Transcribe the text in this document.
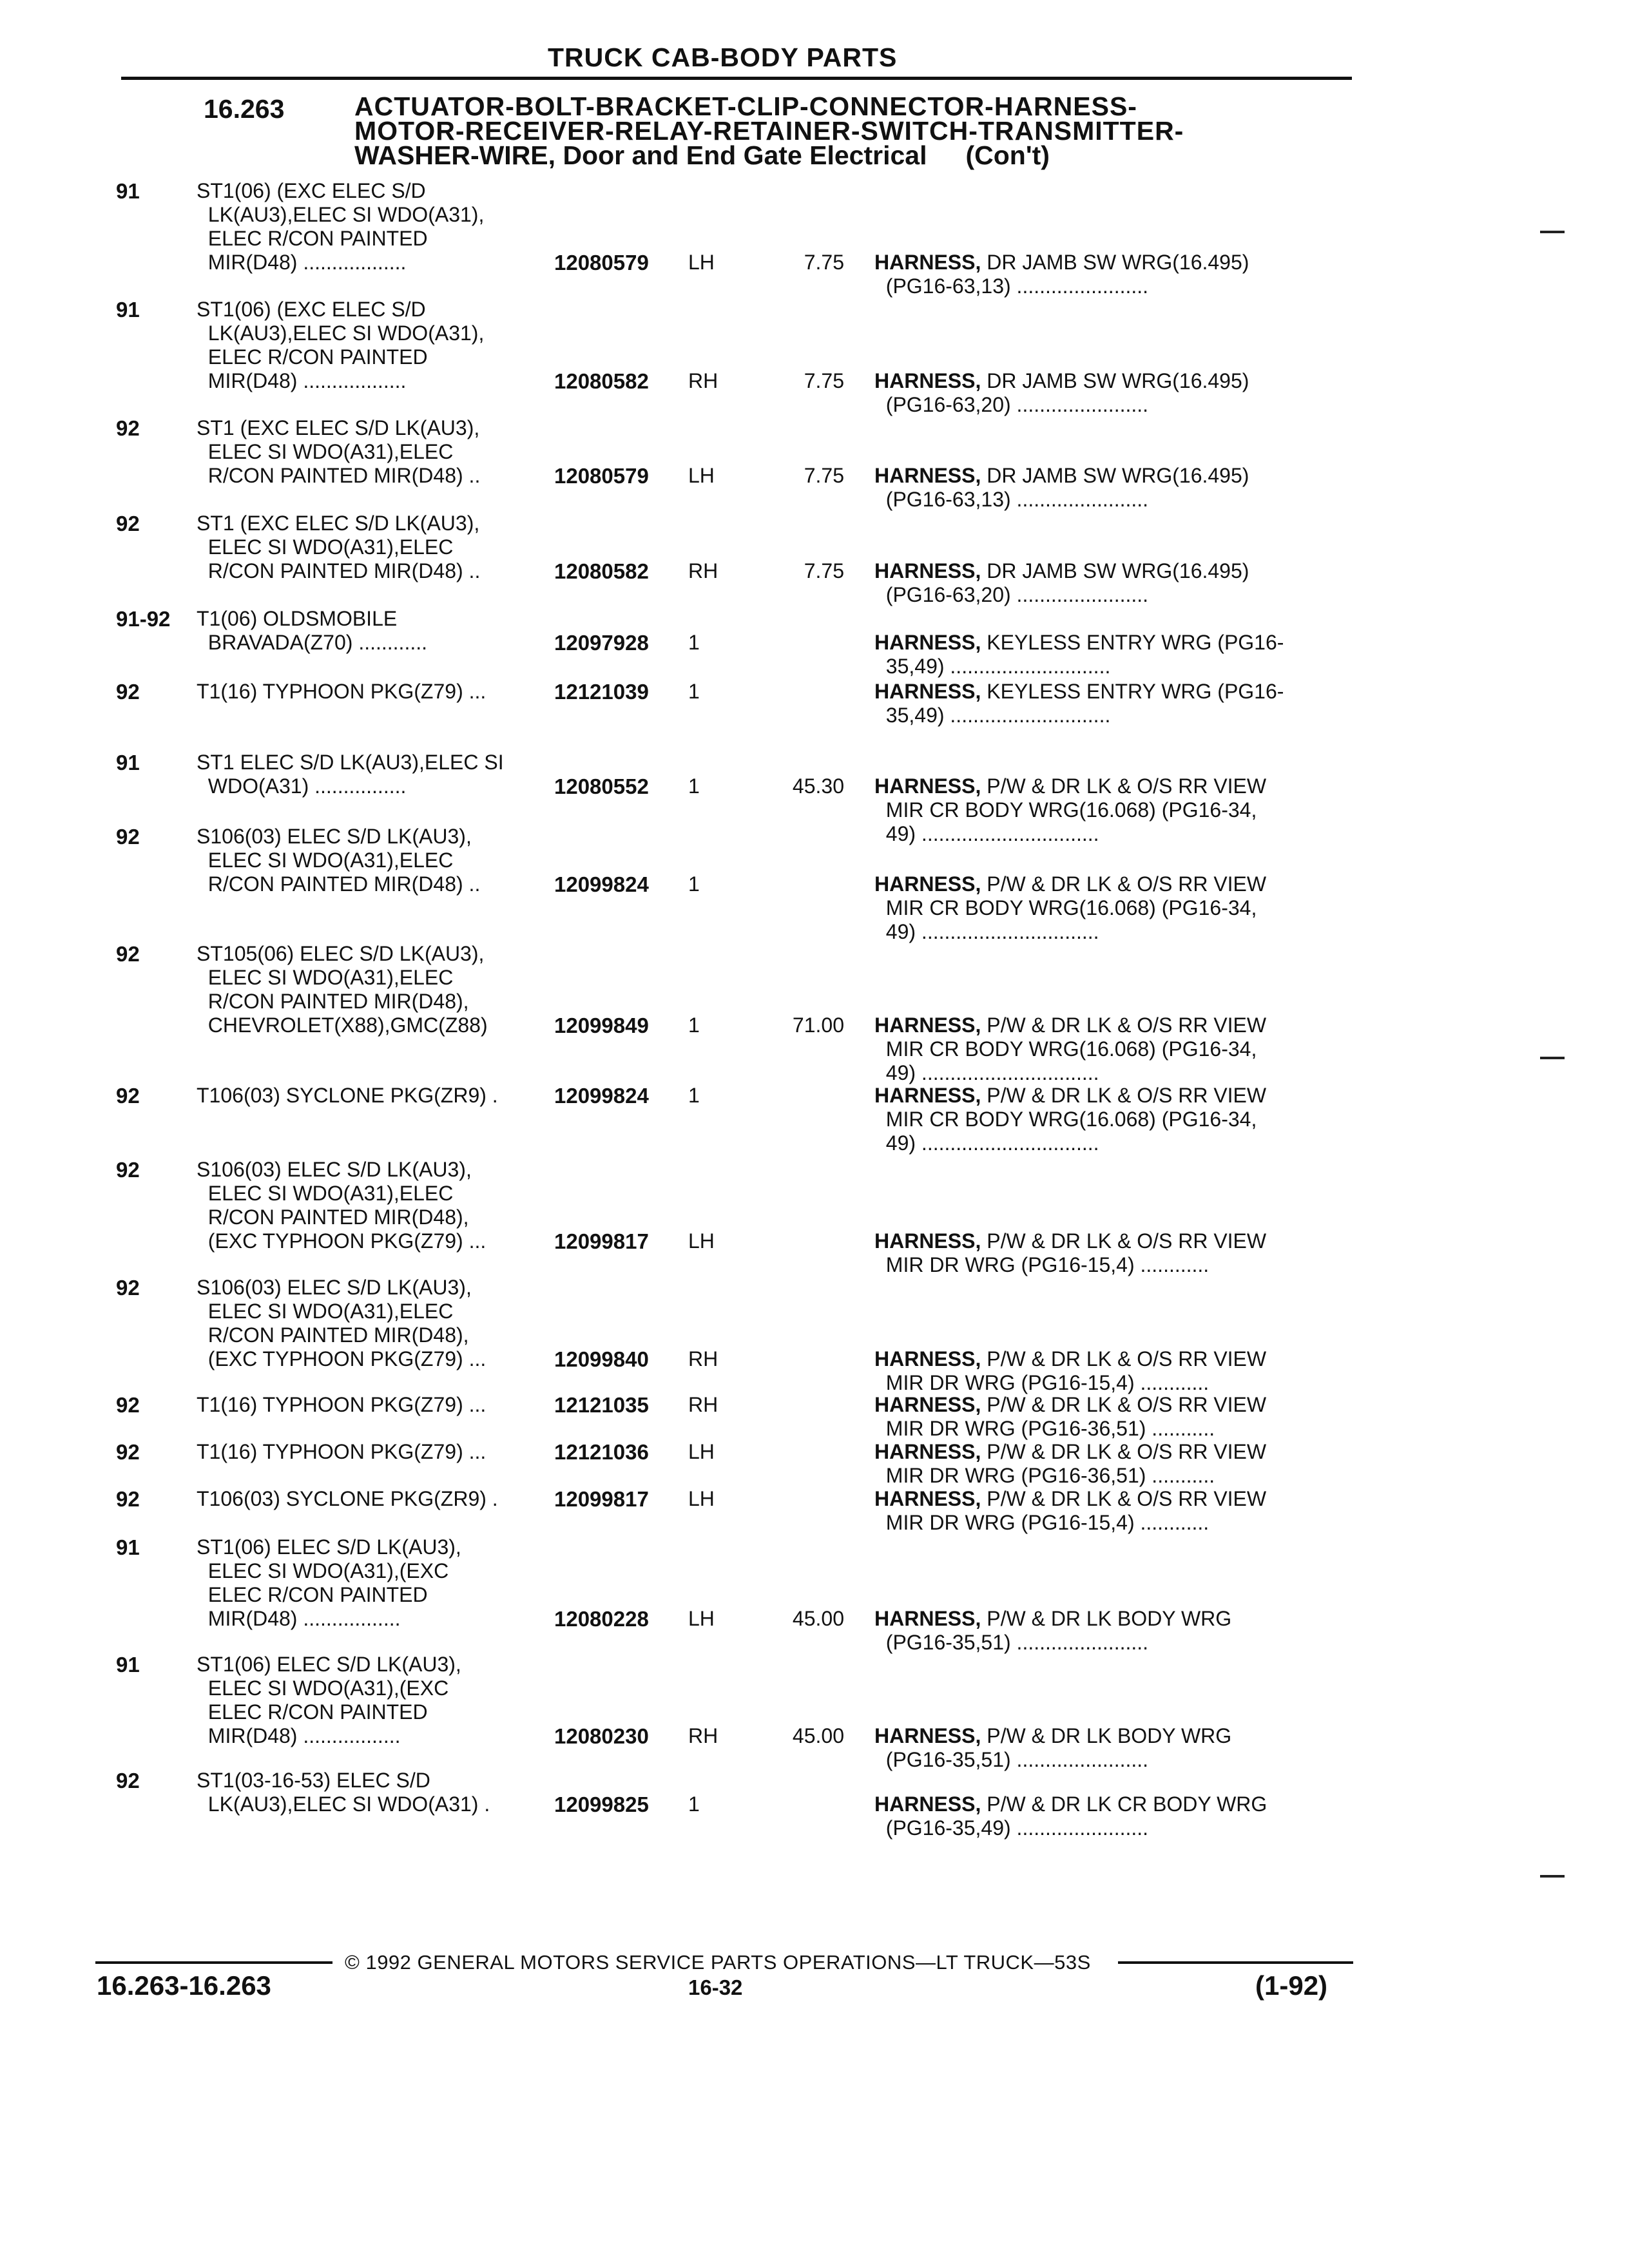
TRUCK CAB-BODY PARTS
16.263	ACTUATOR-BOLT-BRACKET-CLIP-CONNECTOR-HARNESS-
MOTOR-RECEIVER-RELAY-RETAINER-SWITCH-TRANSMITTER-
WASHER-WIRE, Door and End Gate Electrical (Con't)
91	ST1(06) (EXC ELEC S/D
LK(AU3),ELEC SI WDO(A31),
ELEC R/CON PAINTED
MIR(D48) ..................	12080579	LH	7.75 HARNESS, DR JAMB SW WRG(16.495)
(PG16-63,13) .......................
91	ST1(06) (EXC ELEC S/D
LK(AU3),ELEC SI WDO(A31),
ELEC R/CON PAINTED
MIR(D48) ..................	12080582	RH	7.75 HARNESS, DR JAMB SW WRG(16.495)
(PG16-63,20) .......................
92	ST1 (EXC ELEC S/D LK(AU3),
ELEC SI WDO(A31),ELEC
R/CON PAINTED MIR(D48) ..	12080579	LH	7.75 HARNESS, DR JAMB SW WRG(16.495)
(PG16-63,13) .......................
92	ST1 (EXC ELEC S/D LK(AU3),
ELEC SI WDO(A31),ELEC
R/CON PAINTED MIR(D48) ..	12080582	RH	7.75 HARNESS, DR JAMB SW WRG(16.495)
(PG16-63,20) .......................
91-92 T1(06) OLDSMOBILE
BRAVADA(Z70) ............	12097928	1	HARNESS, KEYLESS ENTRY WRG (PG16-
35,49) ............................
92	T1(16) TYPHOON PKG(Z79) ...	12121039	1	HARNESS, KEYLESS ENTRY WRG (PG16-
35,49) ............................
91	ST1 ELEC S/D LK(AU3),ELEC SI
WDO(A31) ................	12080552	1	45.30 HARNESS, P/W & DR LK & O/S RR VIEW
MIR CR BODY WRG(16.068) (PG16-34,
49) ...............................
92	S106(03) ELEC S/D LK(AU3),
ELEC SI WDO(A31),ELEC
R/CON PAINTED MIR(D48) ..	12099824	1	HARNESS, P/W & DR LK & O/S RR VIEW
MIR CR BODY WRG(16.068) (PG16-34,
49) ...............................
92	ST105(06) ELEC S/D LK(AU3),
ELEC SI WDO(A31),ELEC
R/CON PAINTED MIR(D48),
CHEVROLET(X88),GMC(Z88)	12099849	1	71.00 HARNESS, P/W & DR LK & O/S RR VIEW
MIR CR BODY WRG(16.068) (PG16-34,
49) ...............................
92	T106(03) SYCLONE PKG(ZR9) .	12099824	1	HARNESS, P/W & DR LK & O/S RR VIEW
MIR CR BODY WRG(16.068) (PG16-34,
49) ...............................
92	S106(03) ELEC S/D LK(AU3),
ELEC SI WDO(A31),ELEC
R/CON PAINTED MIR(D48),
(EXC TYPHOON PKG(Z79) ...	12099817	LH	HARNESS, P/W & DR LK & O/S RR VIEW
MIR DR WRG (PG16-15,4) ............
92	S106(03) ELEC S/D LK(AU3),
ELEC SI WDO(A31),ELEC
R/CON PAINTED MIR(D48),
(EXC TYPHOON PKG(Z79) ...	12099840	RH	HARNESS, P/W & DR LK & O/S RR VIEW
MIR DR WRG (PG16-15,4) ............
92	T1(16) TYPHOON PKG(Z79) ...	12121035	RH	HARNESS, P/W & DR LK & O/S RR VIEW
MIR DR WRG (PG16-36,51) ...........
92	T1(16) TYPHOON PKG(Z79) ...	12121036	LH	HARNESS, P/W & DR LK & O/S RR VIEW
MIR DR WRG (PG16-36,51) ...........
92	T106(03) SYCLONE PKG(ZR9) .	12099817	LH	HARNESS, P/W & DR LK & O/S RR VIEW
MIR DR WRG (PG16-15,4) ............
91	ST1(06) ELEC S/D LK(AU3),
ELEC SI WDO(A31),(EXC
ELEC R/CON PAINTED
MIR(D48) .................	12080228	LH	45.00 HARNESS, P/W & DR LK BODY WRG
(PG16-35,51) .......................
91	ST1(06) ELEC S/D LK(AU3),
ELEC SI WDO(A31),(EXC
ELEC R/CON PAINTED
MIR(D48) .................	12080230	RH	45.00 HARNESS, P/W & DR LK BODY WRG
(PG16-35,51) .......................
92	ST1(03-16-53) ELEC S/D
LK(AU3),ELEC SI WDO(A31) .	12099825	1	HARNESS, P/W & DR LK CR BODY WRG
(PG16-35,49) .......................
© 1992 GENERAL MOTORS SERVICE PARTS OPERATIONS—LT TRUCK—53S
16.263-16.263	16-32	(1-92)
